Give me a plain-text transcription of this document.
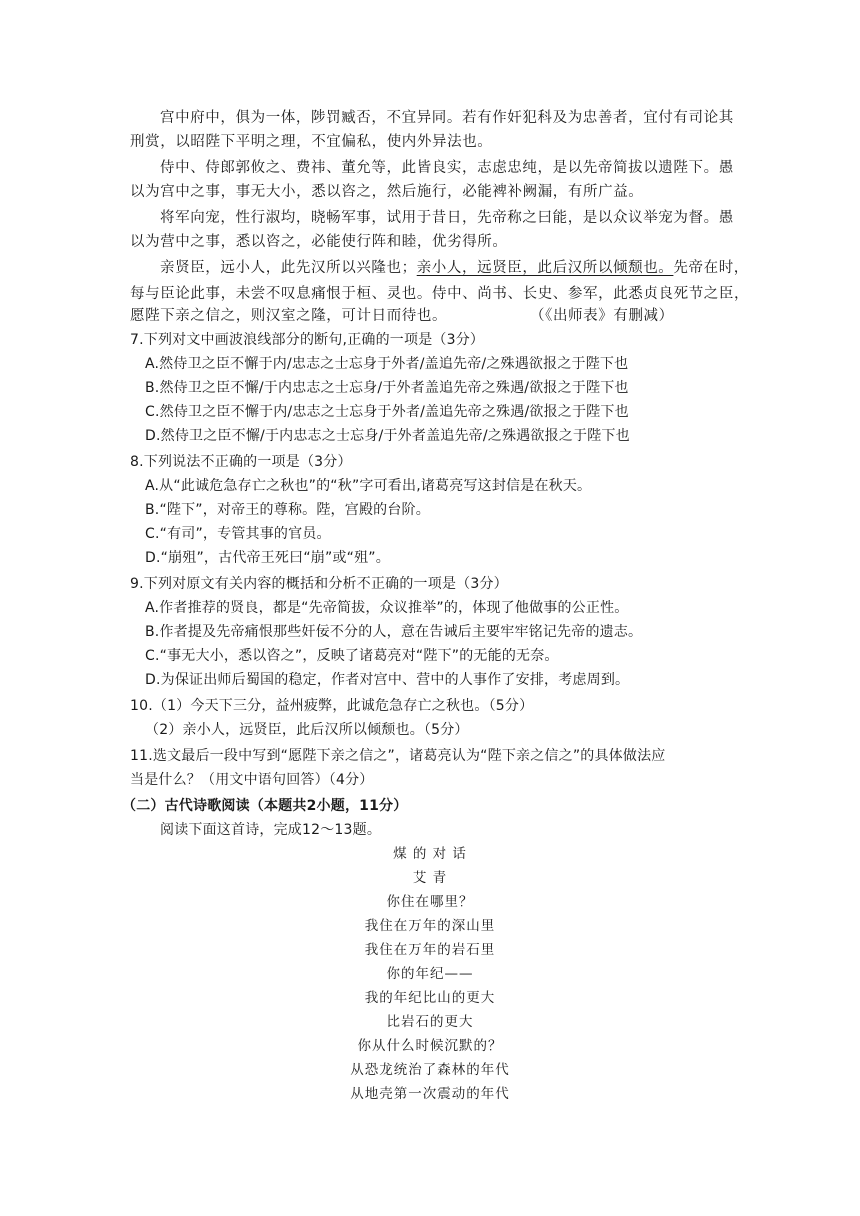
宫中府中，俱为一体，陟罚臧否，不宜异同。若有作奸犯科及为忠善者，宜付有司论其
刑赏，以昭陛下平明之理，不宜偏私，使内外异法也。
侍中、侍郎郭攸之、费祎、董允等，此皆良实，志虑忠纯，是以先帝简拔以遗陛下。愚
以为宫中之事，事无大小，悉以咨之，然后施行，必能裨补阙漏，有所广益。
将军向宠，性行淑均，晓畅军事，试用于昔日，先帝称之曰能，是以众议举宠为督。愚
以为营中之事，悉以咨之，必能使行阵和睦，优劣得所。
亲贤臣，远小人，此先汉所以兴隆也；亲小人，远贤臣，此后汉所以倾颓也。先帝在时，
每与臣论此事，未尝不叹息痛恨于桓、灵也。侍中、尚书、长史、参军，此悉贞良死节之臣，
愿陛下亲之信之，则汉室之隆，可计日而待也。	（《出师表》有删减）
7.下列对文中画波浪线部分的断句,正确的一项是（3分）
A.然侍卫之臣不懈于内/忠志之士忘身于外者/盖追先帝/之殊遇欲报之于陛下也
B.然侍卫之臣不懈/于内忠志之士忘身/于外者盖追先帝之殊遇/欲报之于陛下也
C.然侍卫之臣不懈于内/忠志之士忘身于外者/盖追先帝之殊遇/欲报之于陛下也
D.然侍卫之臣不懈/于内忠志之士忘身/于外者盖追先帝/之殊遇欲报之于陛下也
8.下列说法不正确的一项是（3分）
A.从“此诚危急存亡之秋也”的“秋”字可看出,诸葛亮写这封信是在秋天。
B.“陛下”，对帝王的尊称。陛，宫殿的台阶。
C.“有司”，专管其事的官员。
D.“崩殂”，古代帝王死曰“崩”或“殂”。
9.下列对原文有关内容的概括和分析不正确的一项是（3分）
A.作者推荐的贤良，都是“先帝简拔，众议推举”的，体现了他做事的公正性。
B.作者提及先帝痛恨那些奸佞不分的人，意在告诫后主要牢牢铭记先帝的遗志。
C.“事无大小，悉以咨之”，反映了诸葛亮对“陛下”的无能的无奈。
D.为保证出师后蜀国的稳定，作者对宫中、营中的人事作了安排，考虑周到。
10.（1）今天下三分，益州疲弊，此诚危急存亡之秋也。（5分）
（2）亲小人，远贤臣，此后汉所以倾颓也。（5分）
11.选文最后一段中写到“愿陛下亲之信之”，诸葛亮认为“陛下亲之信之”的具体做法应
当是什么？（用文中语句回答）（4分）
（二）古代诗歌阅读（本题共2小题，11分）
阅读下面这首诗，完成12～13题。
煤 的 对 话
艾 青
你住在哪里？
我住在万年的深山里
我住在万年的岩石里
你的年纪——
我的年纪比山的更大
比岩石的更大
你从什么时候沉默的？
从恐龙统治了森林的年代
从地壳第一次震动的年代
